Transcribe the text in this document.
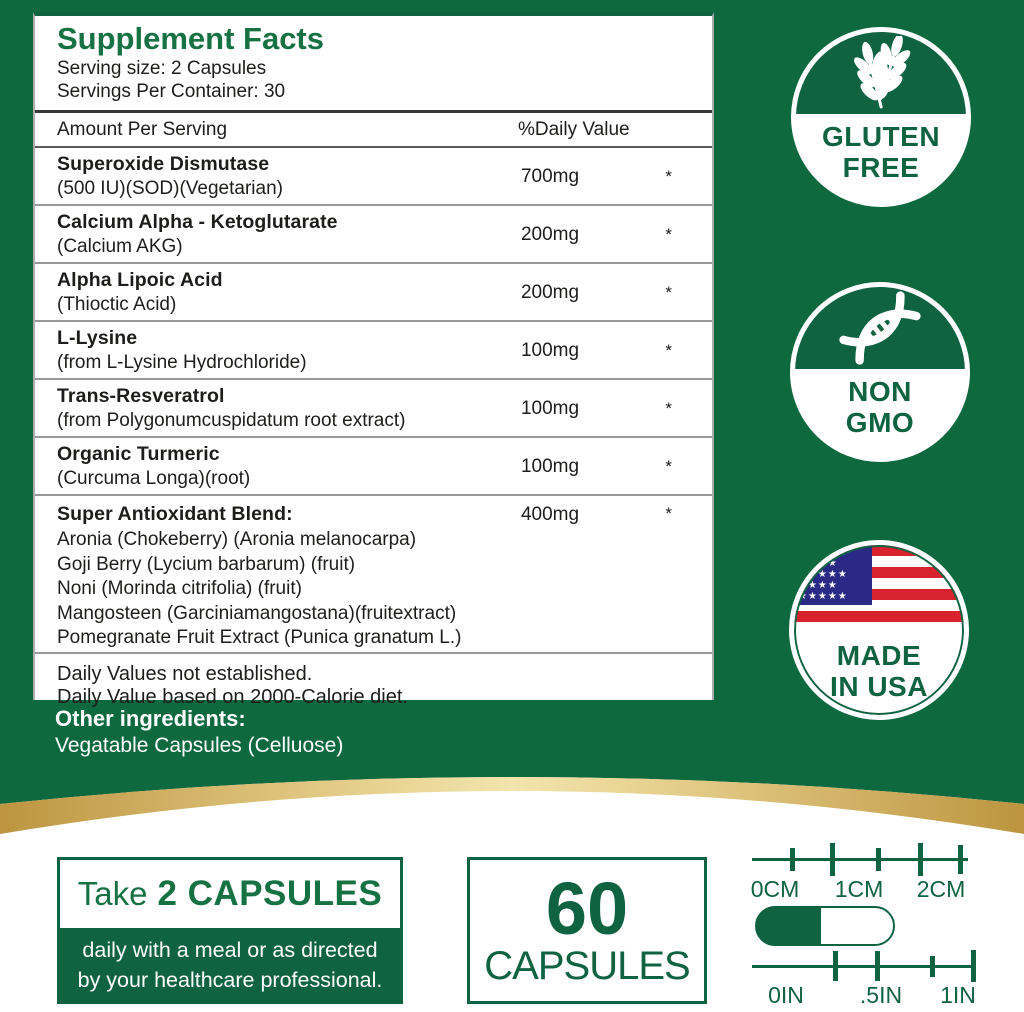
Supplement Facts
Serving size: 2 Capsules
Servings Per Container: 30
Amount Per Serving	%Daily Value
Superoxide Dismutase
(500 IU)(SOD)(Vegetarian)
700mg	*
Calcium Alpha - Ketoglutarate
(Calcium AKG)
200mg	*
Alpha Lipoic Acid
(Thioctic Acid)
200mg	*
L-Lysine
(from L-Lysine Hydrochloride)
100mg	*
Trans-Resveratrol
(from Polygonumcuspidatum root extract)
100mg	*
Organic Turmeric
(Curcuma Longa)(root)
100mg	*
Super Antioxidant Blend:	400mg	*
Aronia (Chokeberry) (Aronia melanocarpa)
Goji Berry (Lycium barbarum) (fruit)
Noni (Morinda citrifolia) (fruit)
Mangosteen (Garciniamangostana)(fruitextract)
Pomegranate Fruit Extract (Punica granatum L.)
Daily Values not established.
Daily Value based on 2000-Calorie diet.
Other ingredients:
Vegatable Capsules (Celluose)
GLUTEN
FREE
NON
GMO
★★★★★ ★★★★ ★★★★★ ★★★★ ★★★★★
MADE
IN USA
Take 2 CAPSULES
daily with a meal or as directed
by your healthcare professional.
60
CAPSULES
0CM 1CM 2CM
0IN .5IN 1IN
